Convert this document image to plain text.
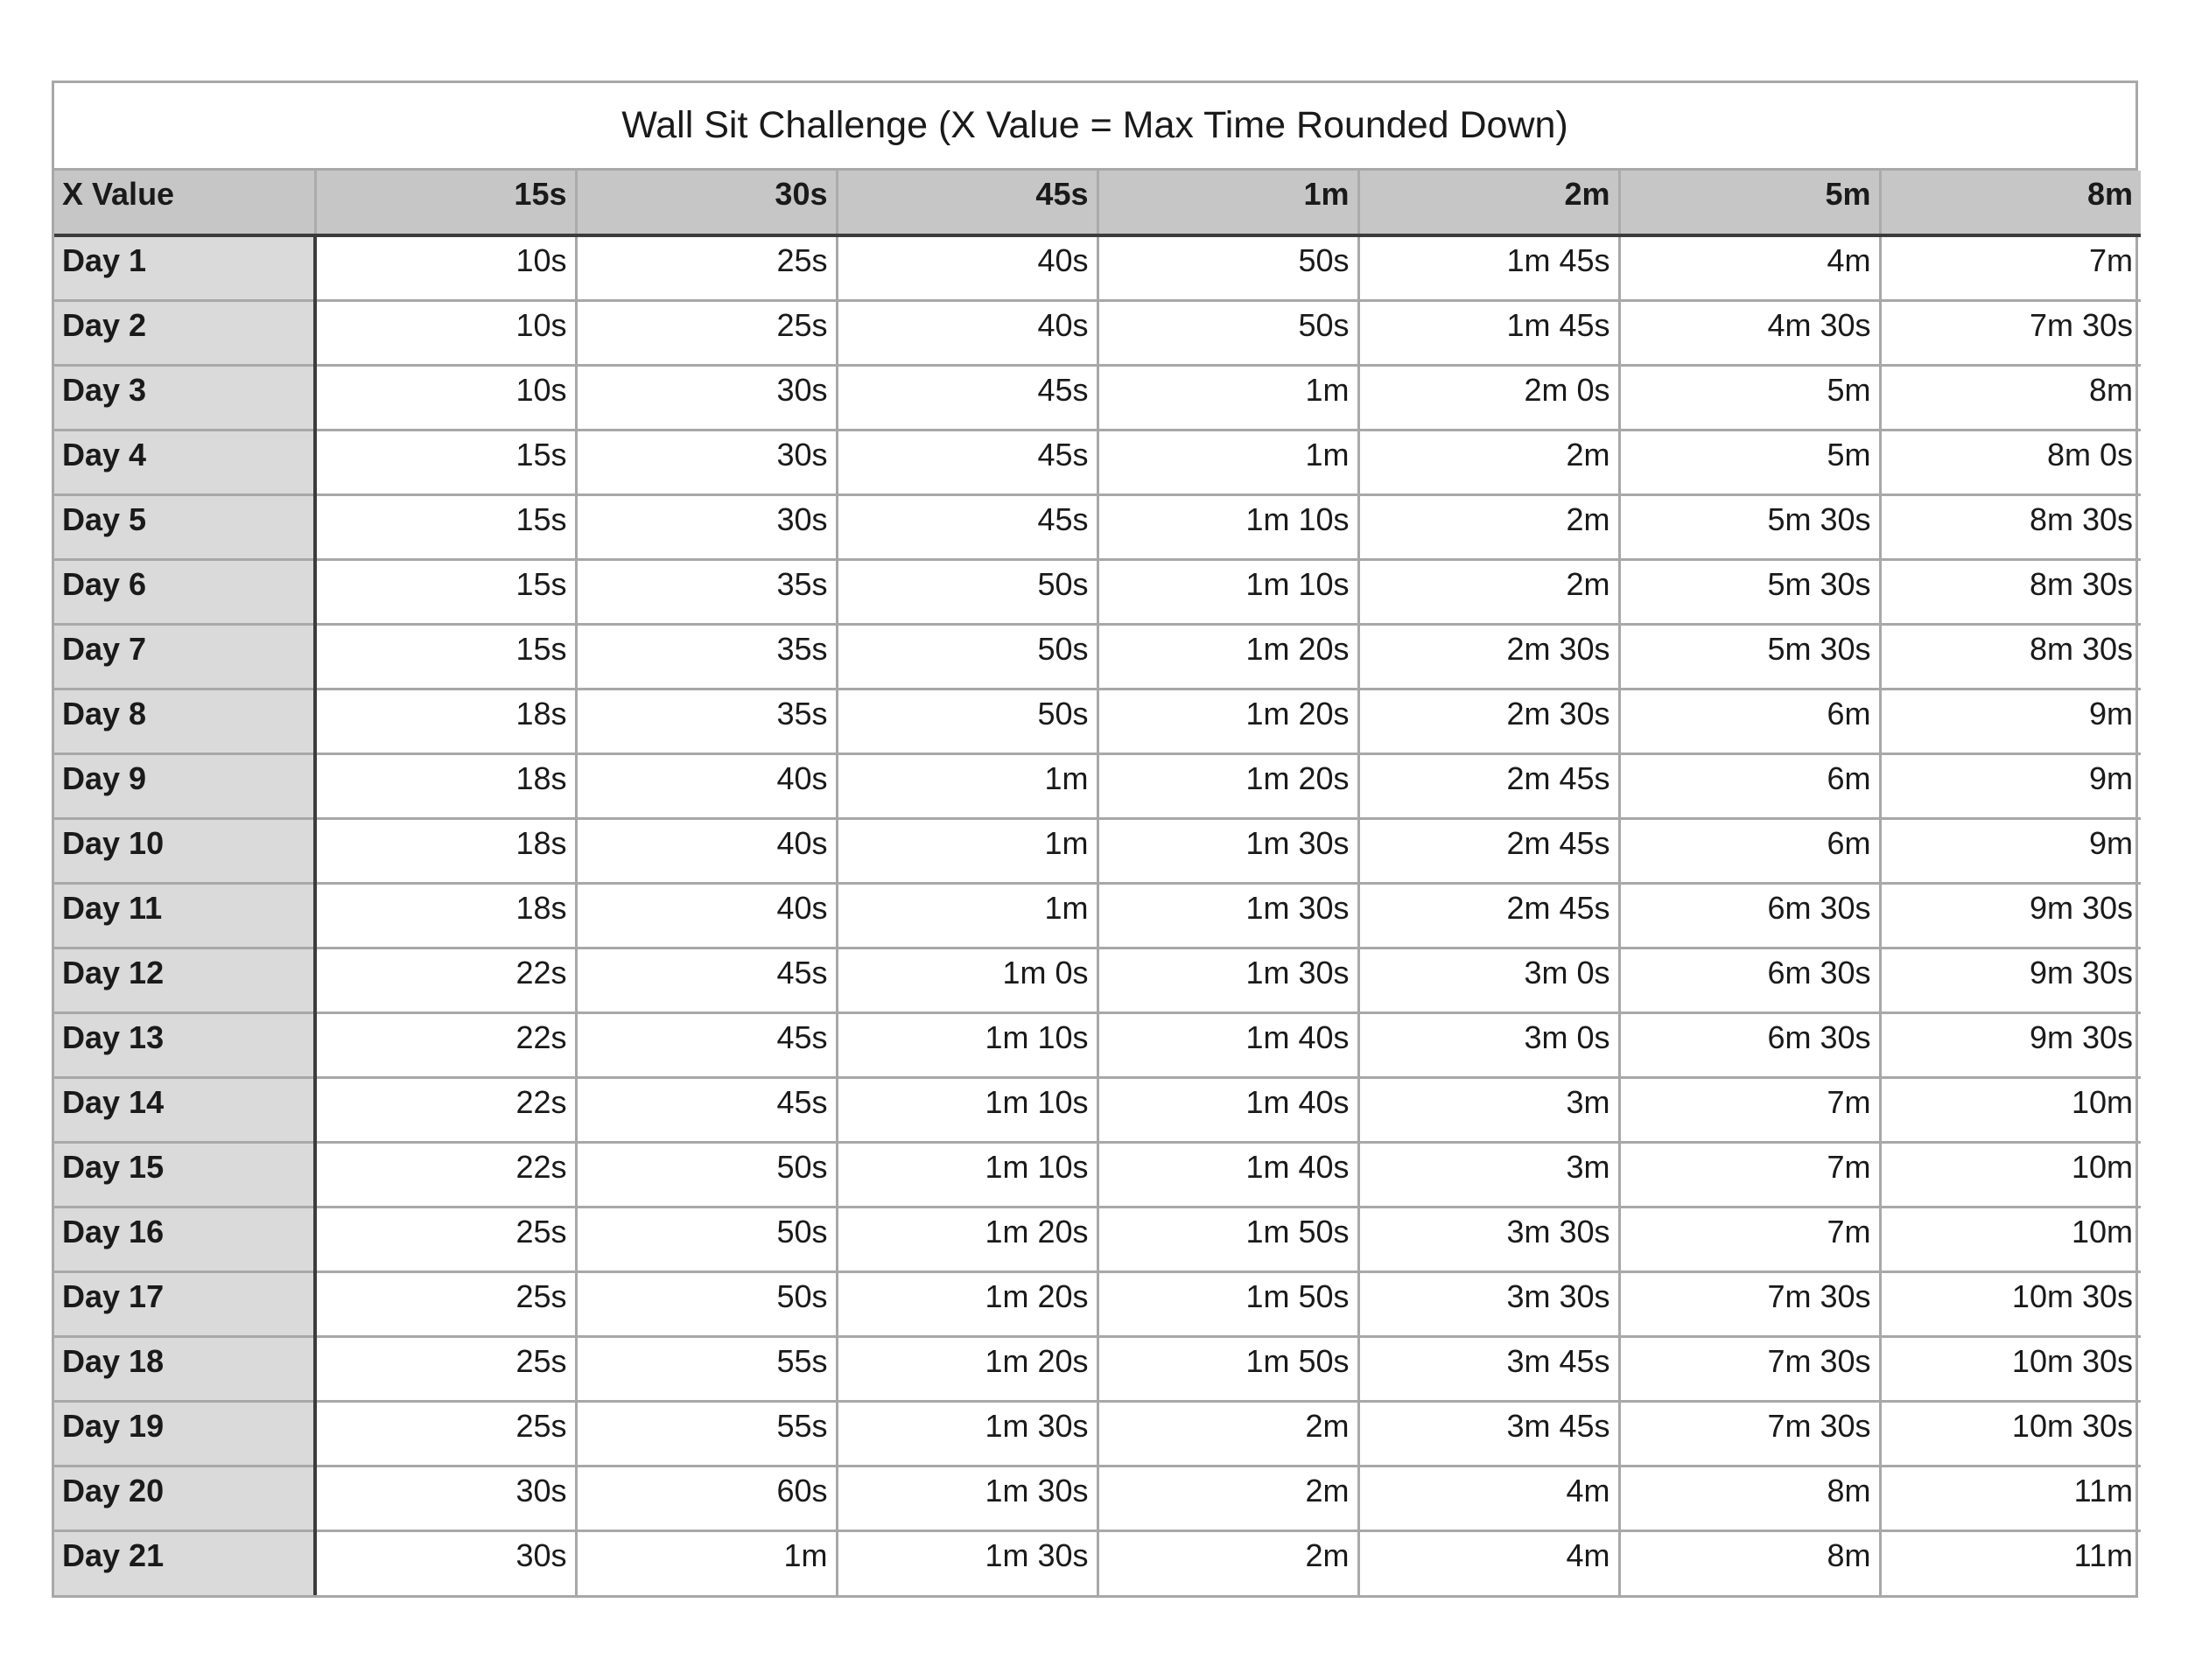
Wall Sit Challenge (X Value = Max Time Rounded Down)
X Value	15s	30s	45s	1m	2m	5m	8m
Day 1	10s	25s	40s	50s	1m 45s	4m	7m
Day 2	10s	25s	40s	50s	1m 45s	4m 30s	7m 30s
Day 3	10s	30s	45s	1m	2m 0s	5m	8m
Day 4	15s	30s	45s	1m	2m	5m	8m 0s
Day 5	15s	30s	45s	1m 10s	2m	5m 30s	8m 30s
Day 6	15s	35s	50s	1m 10s	2m	5m 30s	8m 30s
Day 7	15s	35s	50s	1m 20s	2m 30s	5m 30s	8m 30s
Day 8	18s	35s	50s	1m 20s	2m 30s	6m	9m
Day 9	18s	40s	1m	1m 20s	2m 45s	6m	9m
Day 10	18s	40s	1m	1m 30s	2m 45s	6m	9m
Day 11	18s	40s	1m	1m 30s	2m 45s	6m 30s	9m 30s
Day 12	22s	45s	1m 0s	1m 30s	3m 0s	6m 30s	9m 30s
Day 13	22s	45s	1m 10s	1m 40s	3m 0s	6m 30s	9m 30s
Day 14	22s	45s	1m 10s	1m 40s	3m	7m	10m
Day 15	22s	50s	1m 10s	1m 40s	3m	7m	10m
Day 16	25s	50s	1m 20s	1m 50s	3m 30s	7m	10m
Day 17	25s	50s	1m 20s	1m 50s	3m 30s	7m 30s	10m 30s
Day 18	25s	55s	1m 20s	1m 50s	3m 45s	7m 30s	10m 30s
Day 19	25s	55s	1m 30s	2m	3m 45s	7m 30s	10m 30s
Day 20	30s	60s	1m 30s	2m	4m	8m	11m
Day 21	30s	1m	1m 30s	2m	4m	8m	11m
